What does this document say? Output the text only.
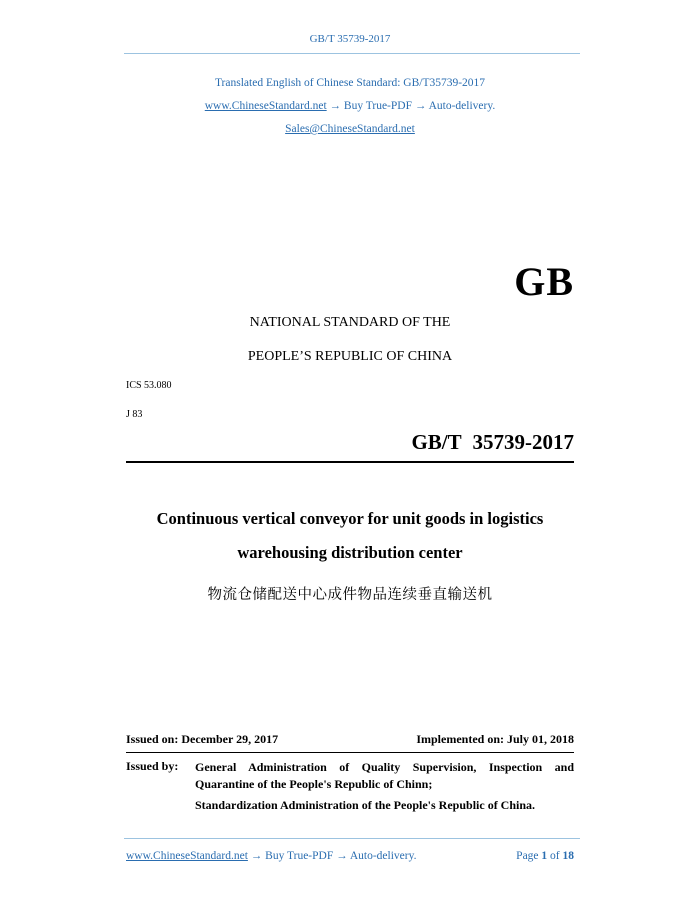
GB/T 35739-2017
Translated English of Chinese Standard: GB/T35739-2017
www.ChineseStandard.net → Buy True-PDF → Auto-delivery.
Sales@ChineseStandard.net
GB
NATIONAL STANDARD OF THE
PEOPLE’S REPUBLIC OF CHINA
ICS 53.080
J 83
GB/T 35739-2017
Continuous vertical conveyor for unit goods in logistics
warehousing distribution center
物流仓储配送中心成件物品连续垂直输送机
Issued on: December 29, 2017	Implemented on: July 01, 2018
Issued by: General Administration of Quality Supervision, Inspection and Quarantine of the People's Republic of Chinn;

Standardization Administration of the People's Republic of China.

www.ChineseStandard.net → Buy True-PDF → Auto-delivery.	Page 1 of 18
